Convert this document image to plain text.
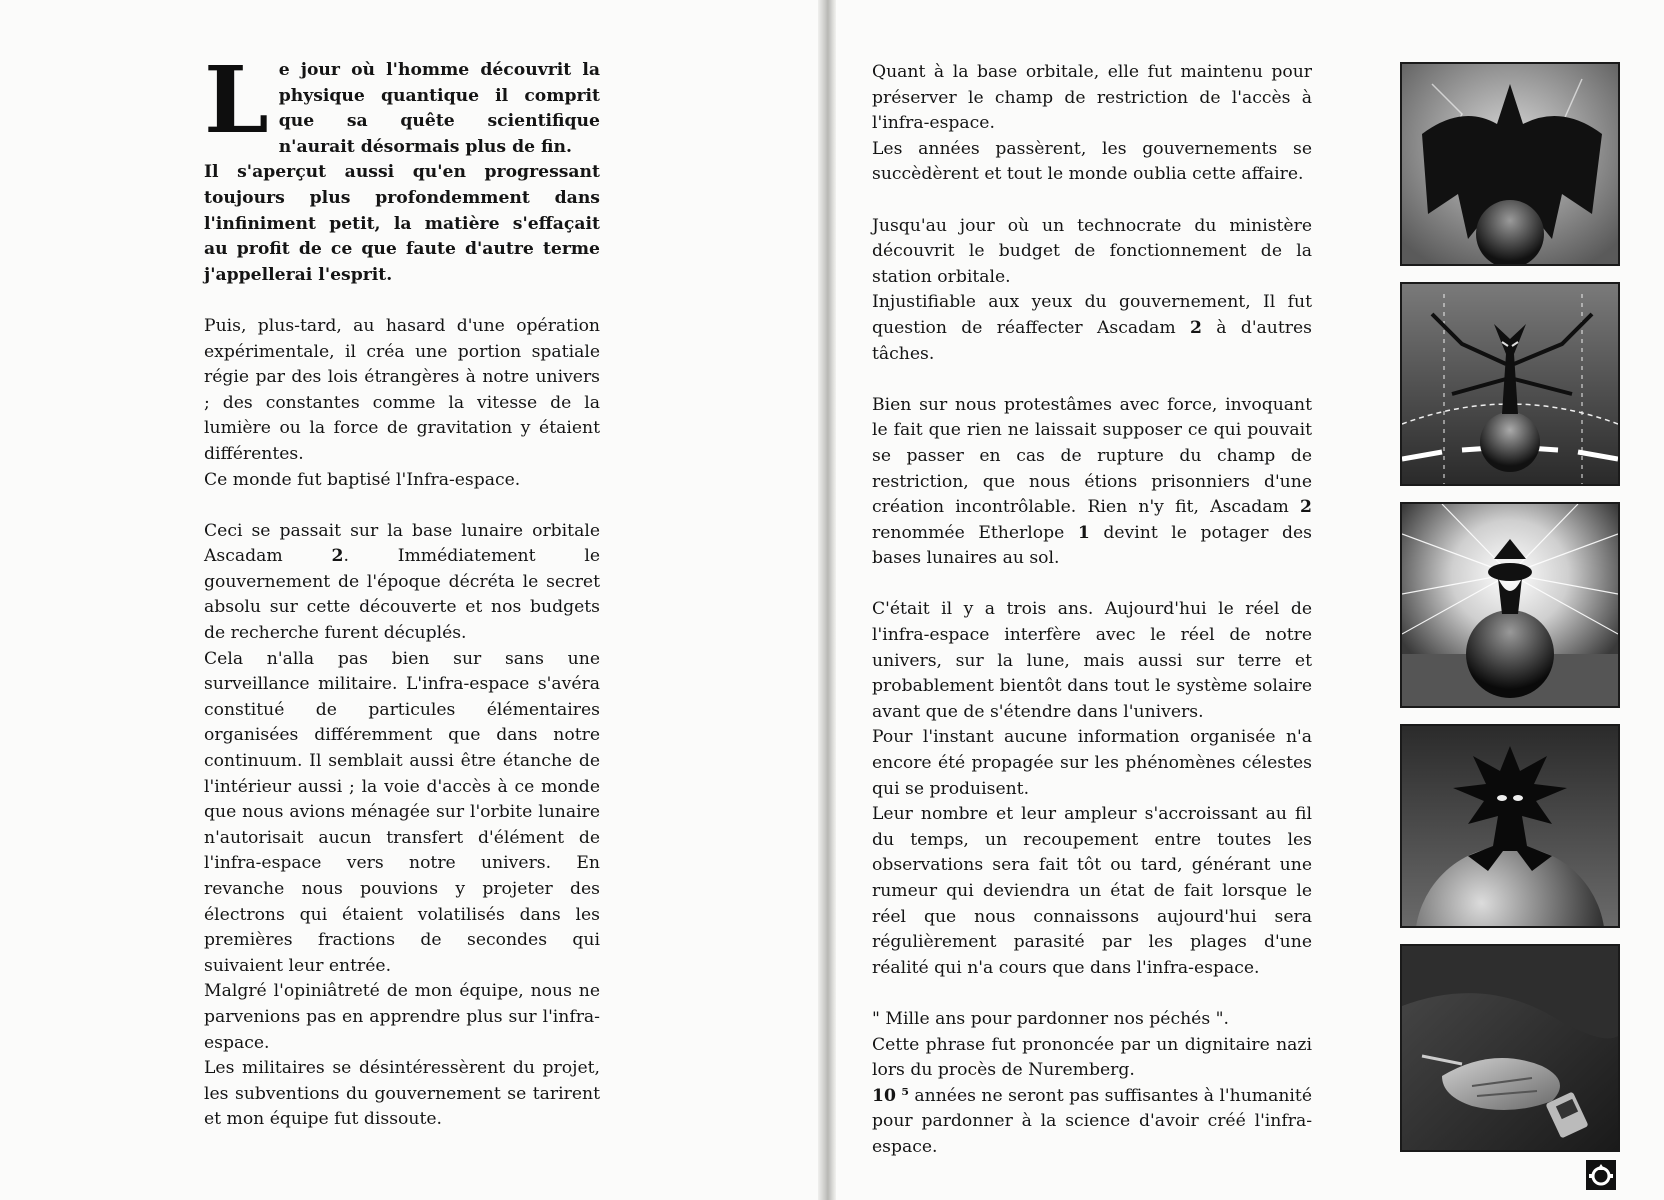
Le jour où l'homme découvrit la physique quantique il comprit que sa quête scientifique n'aurait désormais plus de fin.

Il s'aperçut aussi qu'en progressant toujours plus profondemment dans l'infiniment petit, la matière s'effaçait au profit de ce que faute d'autre terme j'appellerai l'esprit.

Puis, plus-tard, au hasard d'une opération expérimentale, il créa une portion spatiale régie par des lois étrangères à notre univers ; des constantes comme la vitesse de la lumière ou la force de gravitation y étaient différentes.

Ce monde fut baptisé l'Infra-espace.

Ceci se passait sur la base lunaire orbitale Ascadam 2. Immédiatement le gouvernement de l'époque décréta le secret absolu sur cette découverte et nos budgets de recherche furent décuplés.

Cela n'alla pas bien sur sans une surveillance militaire. L'infra-espace s'avéra constitué de particules élémentaires organisées différemment que dans notre continuum. Il semblait aussi être étanche de l'intérieur aussi ; la voie d'accès à ce monde que nous avions ménagée sur l'orbite lunaire n'autorisait aucun transfert d'élément de l'infra-espace vers notre univers. En revanche nous pouvions y projeter des électrons qui étaient volatilisés dans les premières fractions de secondes qui suivaient leur entrée.

Malgré l'opiniâtreté de mon équipe, nous ne parvenions pas en apprendre plus sur l'infra-espace.

Les militaires se désintéressèrent du projet, les subventions du gouvernement se tarirent et mon équipe fut dissoute.

Quant à la base orbitale, elle fut maintenu pour préserver le champ de restriction de l'accès à l'infra-espace.

Les années passèrent, les gouvernements se succèdèrent et tout le monde oublia cette affaire.

Jusqu'au jour où un technocrate du ministère découvrit le budget de fonctionnement de la station orbitale.

Injustifiable aux yeux du gouvernement, Il fut question de réaffecter Ascadam 2 à d'autres tâches.

Bien sur nous protestâmes avec force, invoquant le fait que rien ne laissait supposer ce qui pouvait se passer en cas de rupture du champ de restriction, que nous étions prisonniers d'une création incontrôlable. Rien n'y fit, Ascadam 2 renommée Etherlope 1 devint le potager des bases lunaires au sol.

C'était il y a trois ans. Aujourd'hui le réel de l'infra-espace interfère avec le réel de notre univers, sur la lune, mais aussi sur terre et probablement bientôt dans tout le système solaire avant que de s'étendre dans l'univers.

Pour l'instant aucune information organisée n'a encore été propagée sur les phénomènes célestes qui se produisent.

Leur nombre et leur ampleur s'accroissant au fil du temps, un recoupement entre toutes les observations sera fait tôt ou tard, générant une rumeur qui deviendra un état de fait lorsque le réel que nous connaissons aujourd'hui sera régulièrement parasité par les plages d'une réalité qui n'a cours que dans l'infra-espace.

" Mille ans pour pardonner nos péchés ".

Cette phrase fut prononcée par un dignitaire nazi lors du procès de Nuremberg.

10 ⁵ années ne seront pas suffisantes à l'humanité pour pardonner à la science d'avoir créé l'infra-espace.
